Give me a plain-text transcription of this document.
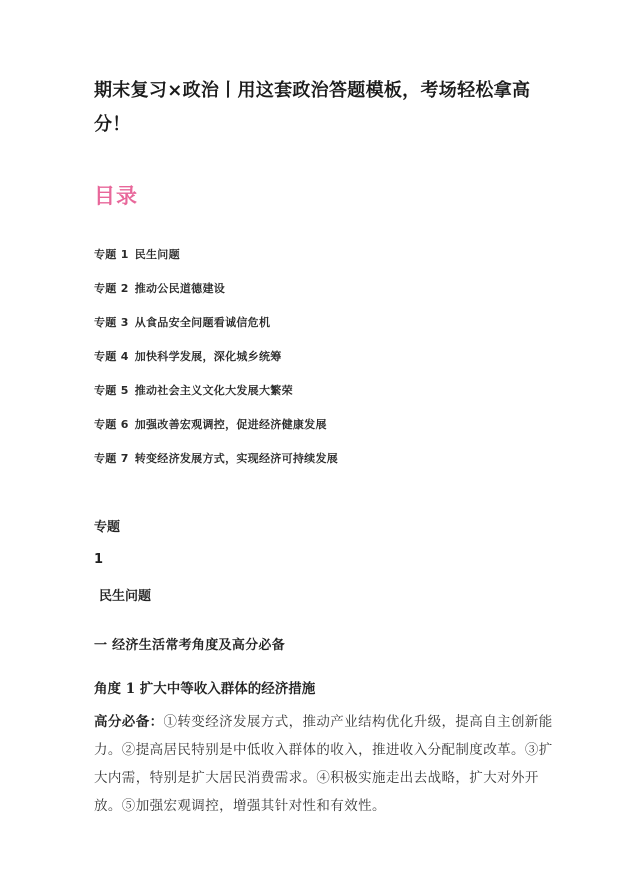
期末复习×政治丨用这套政治答题模板，考场轻松拿高分！
目录
专题 1 民生问题
专题 2 推动公民道德建设
专题 3 从食品安全问题看诚信危机
专题 4 加快科学发展，深化城乡统筹
专题 5 推动社会主义文化大发展大繁荣
专题 6 加强改善宏观调控，促进经济健康发展
专题 7 转变经济发展方式，实现经济可持续发展
专题
1
民生问题
一 经济生活常考角度及高分必备
角度 1 扩大中等收入群体的经济措施
高分必备：①转变经济发展方式，推动产业结构优化升级，提高自主创新能力。②提高居民特别是中低收入群体的收入，推进收入分配制度改革。③扩大内需，特别是扩大居民消费需求。④积极实施走出去战略，扩大对外开放。⑤加强宏观调控，增强其针对性和有效性。
